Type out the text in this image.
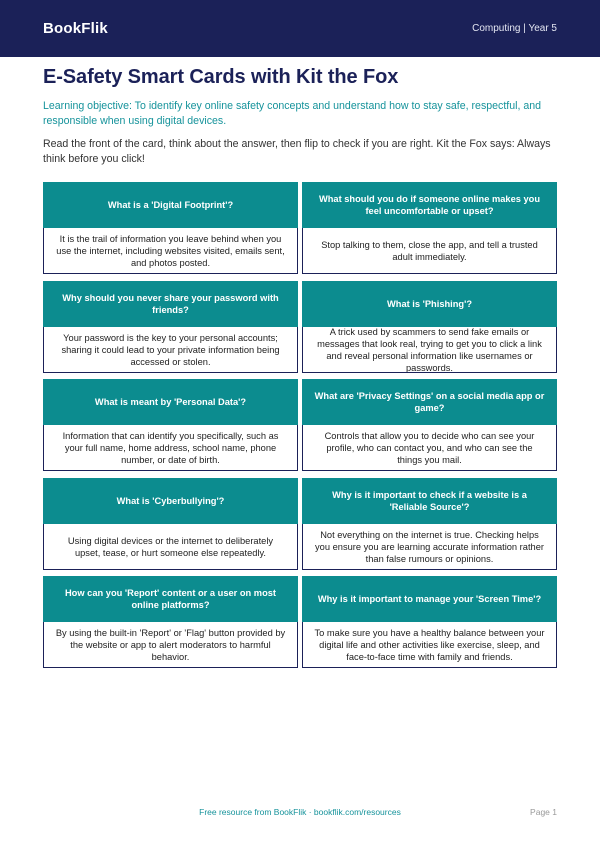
BookFlik	Computing | Year 5
E-Safety Smart Cards with Kit the Fox

Learning objective: To identify key online safety concepts and understand how to stay safe, respectful, and responsible when using digital devices.

Read the front of the card, think about the answer, then flip to check if you are right. Kit the Fox says: Always think before you click!

What is a 'Digital Footprint'?
It is the trail of information you leave behind when you use the internet, including websites visited, emails sent, and photos posted.
What should you do if someone online makes you feel uncomfortable or upset?
Stop talking to them, close the app, and tell a trusted adult immediately.
Why should you never share your password with friends?
Your password is the key to your personal accounts; sharing it could lead to your private information being accessed or stolen.
What is 'Phishing'?
A trick used by scammers to send fake emails or messages that look real, trying to get you to click a link and reveal personal information like usernames or passwords.
What is meant by 'Personal Data'?
Information that can identify you specifically, such as your full name, home address, school name, phone number, or date of birth.
What are 'Privacy Settings' on a social media app or game?
Controls that allow you to decide who can see your profile, who can contact you, and who can see the things you mail.
What is 'Cyberbullying'?
Using digital devices or the internet to deliberately upset, tease, or hurt someone else repeatedly.
Why is it important to check if a website is a 'Reliable Source'?
Not everything on the internet is true. Checking helps you ensure you are learning accurate information rather than false rumours or opinions.
How can you 'Report' content or a user on most online platforms?
By using the built-in 'Report' or 'Flag' button provided by the website or app to alert moderators to harmful behavior.
Why is it important to manage your 'Screen Time'?
To make sure you have a healthy balance between your digital life and other activities like exercise, sleep, and face-to-face time with family and friends.
Free resource from BookFlik · bookflik.com/resources	Page 1
